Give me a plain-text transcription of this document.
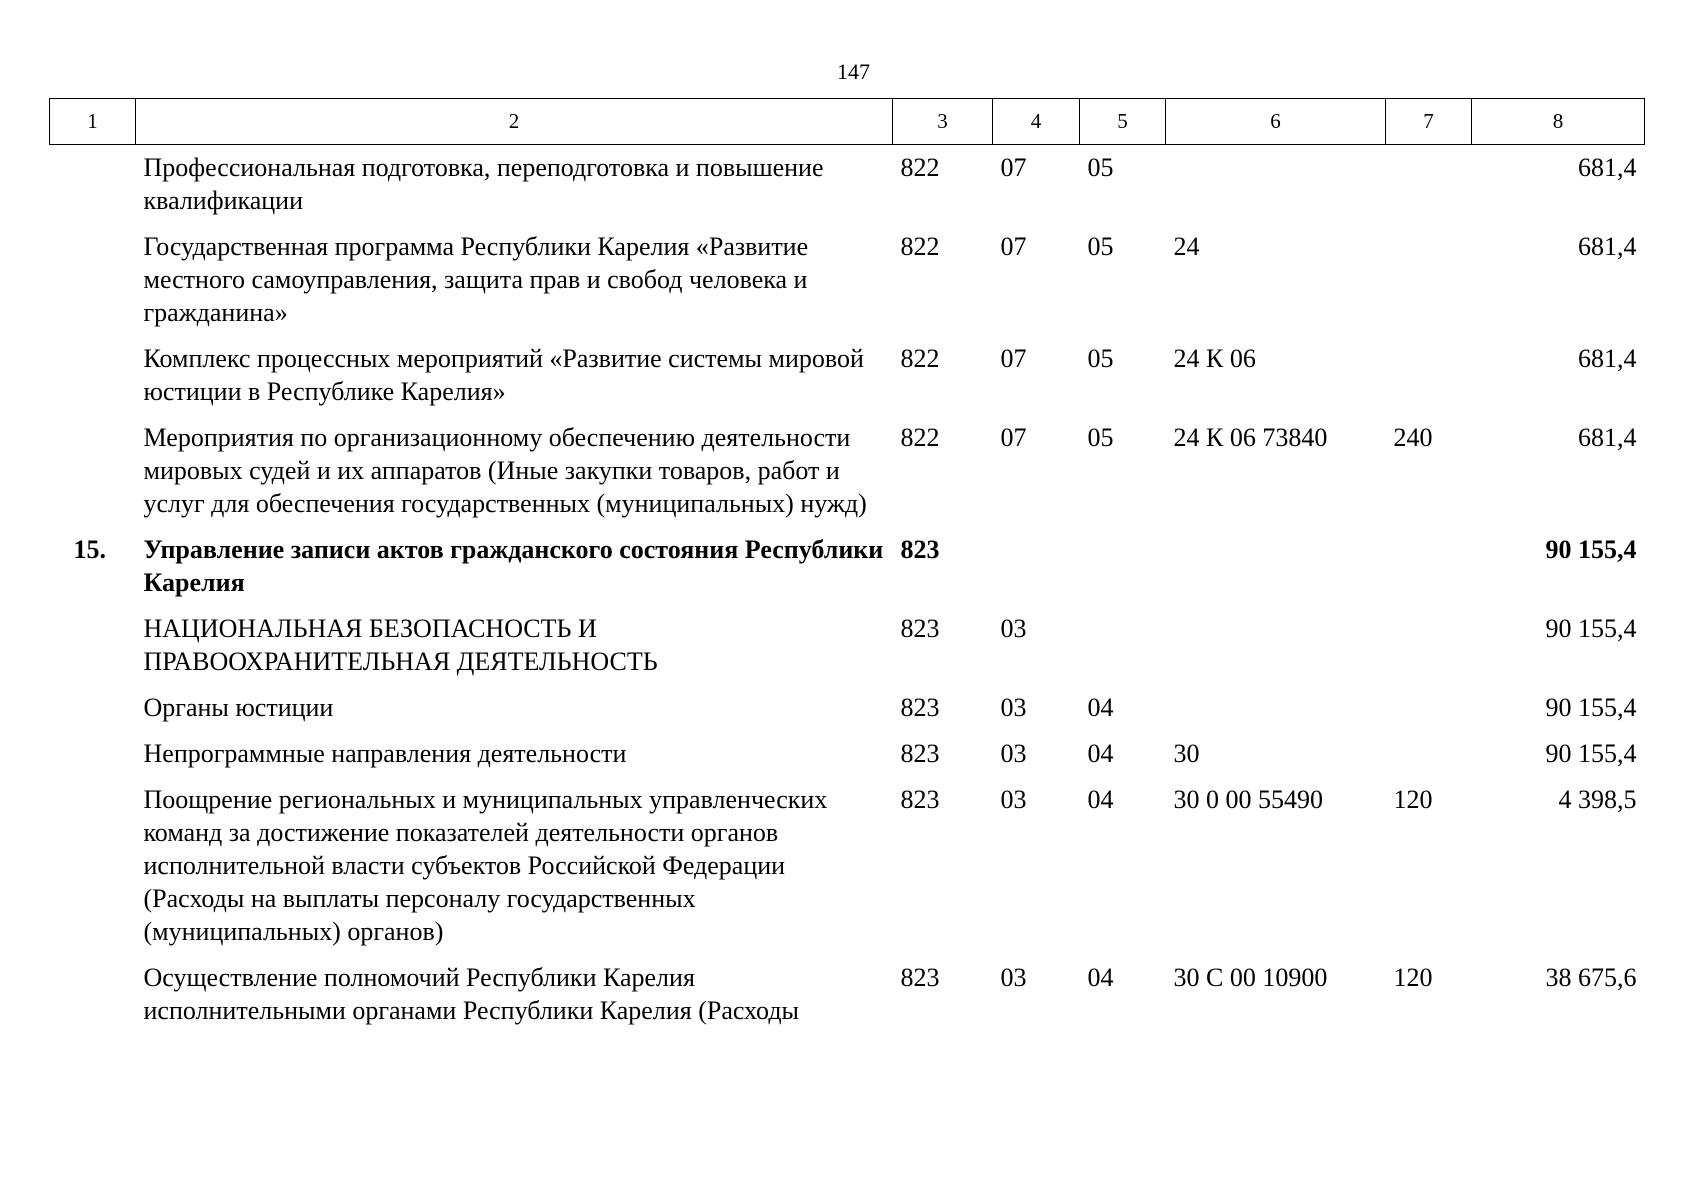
147
1	2	3	4	5	6	7	8
	Профессиональная подготовка, переподготовка и повышение квалификации	822	07	05			681,4
	Государственная программа Республики Карелия «Развитие местного самоуправления, защита прав и свобод человека и гражданина»	822	07	05	24		681,4
	Комплекс процессных мероприятий «Развитие системы мировой юстиции в Республике Карелия»	822	07	05	24 К 06		681,4
	Мероприятия по организационному обеспечению деятельности мировых судей и их аппаратов (Иные закупки товаров, работ и услуг для обеспечения государственных (муниципальных) нужд)	822	07	05	24 К 06 73840	240	681,4
15.	Управление записи актов гражданского состояния Республики Карелия	823					90 155,4
	НАЦИОНАЛЬНАЯ БЕЗОПАСНОСТЬ И ПРАВООХРАНИТЕЛЬНАЯ ДЕЯТЕЛЬНОСТЬ	823	03				90 155,4
	Органы юстиции	823	03	04			90 155,4
	Непрограммные направления деятельности	823	03	04	30		90 155,4
	Поощрение региональных и муниципальных управленческих команд за достижение показателей деятельности органов исполнительной власти субъектов Российской Федерации (Расходы на выплаты персоналу государственных (муниципальных) органов)	823	03	04	30 0 00 55490	120	4 398,5
	Осуществление полномочий Республики Карелия исполнительными органами Республики Карелия (Расходы	823	03	04	30 С 00 10900	120	38 675,6
